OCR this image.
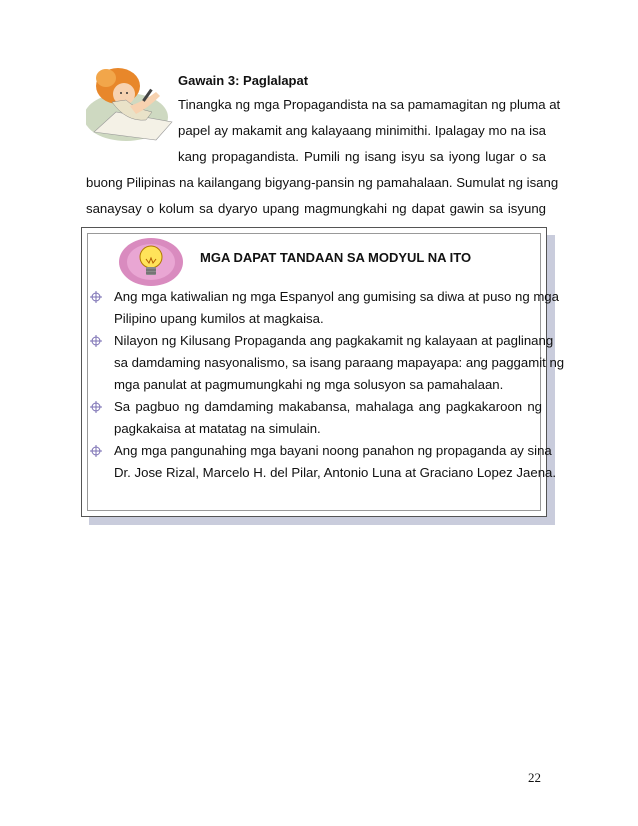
Gawain 3: Paglalapat
Tinangka ng mga Propagandista na sa pamamagitan ng pluma at
papel ay makamit ang kalayaang minimithi. Ipalagay mo na isa
kang propagandista. Pumili ng isang isyu sa iyong lugar o sa
buong Pilipinas na kailangang bigyang-pansin ng pamahalaan. Sumulat ng isang
sanaysay o kolum sa dyaryo upang magmungkahi ng dapat gawin sa isyung
MGA DAPAT TANDAAN SA MODYUL NA ITO
Ang mga katiwalian ng mga Espanyol ang gumising sa diwa at puso ng mga
Pilipino upang kumilos at magkaisa.
Nilayon ng Kilusang Propaganda ang pagkakamit ng kalayaan at paglinang
sa damdaming nasyonalismo, sa isang paraang mapayapa: ang paggamit ng
mga panulat at pagmumungkahi ng mga solusyon sa pamahalaan.
Sa pagbuo ng damdaming makabansa, mahalaga ang pagkakaroon ng
pagkakaisa at matatag na simulain.
Ang mga pangunahing mga bayani noong panahon ng propaganda ay sina
Dr. Jose Rizal, Marcelo H. del Pilar, Antonio Luna at Graciano Lopez Jaena.
22
